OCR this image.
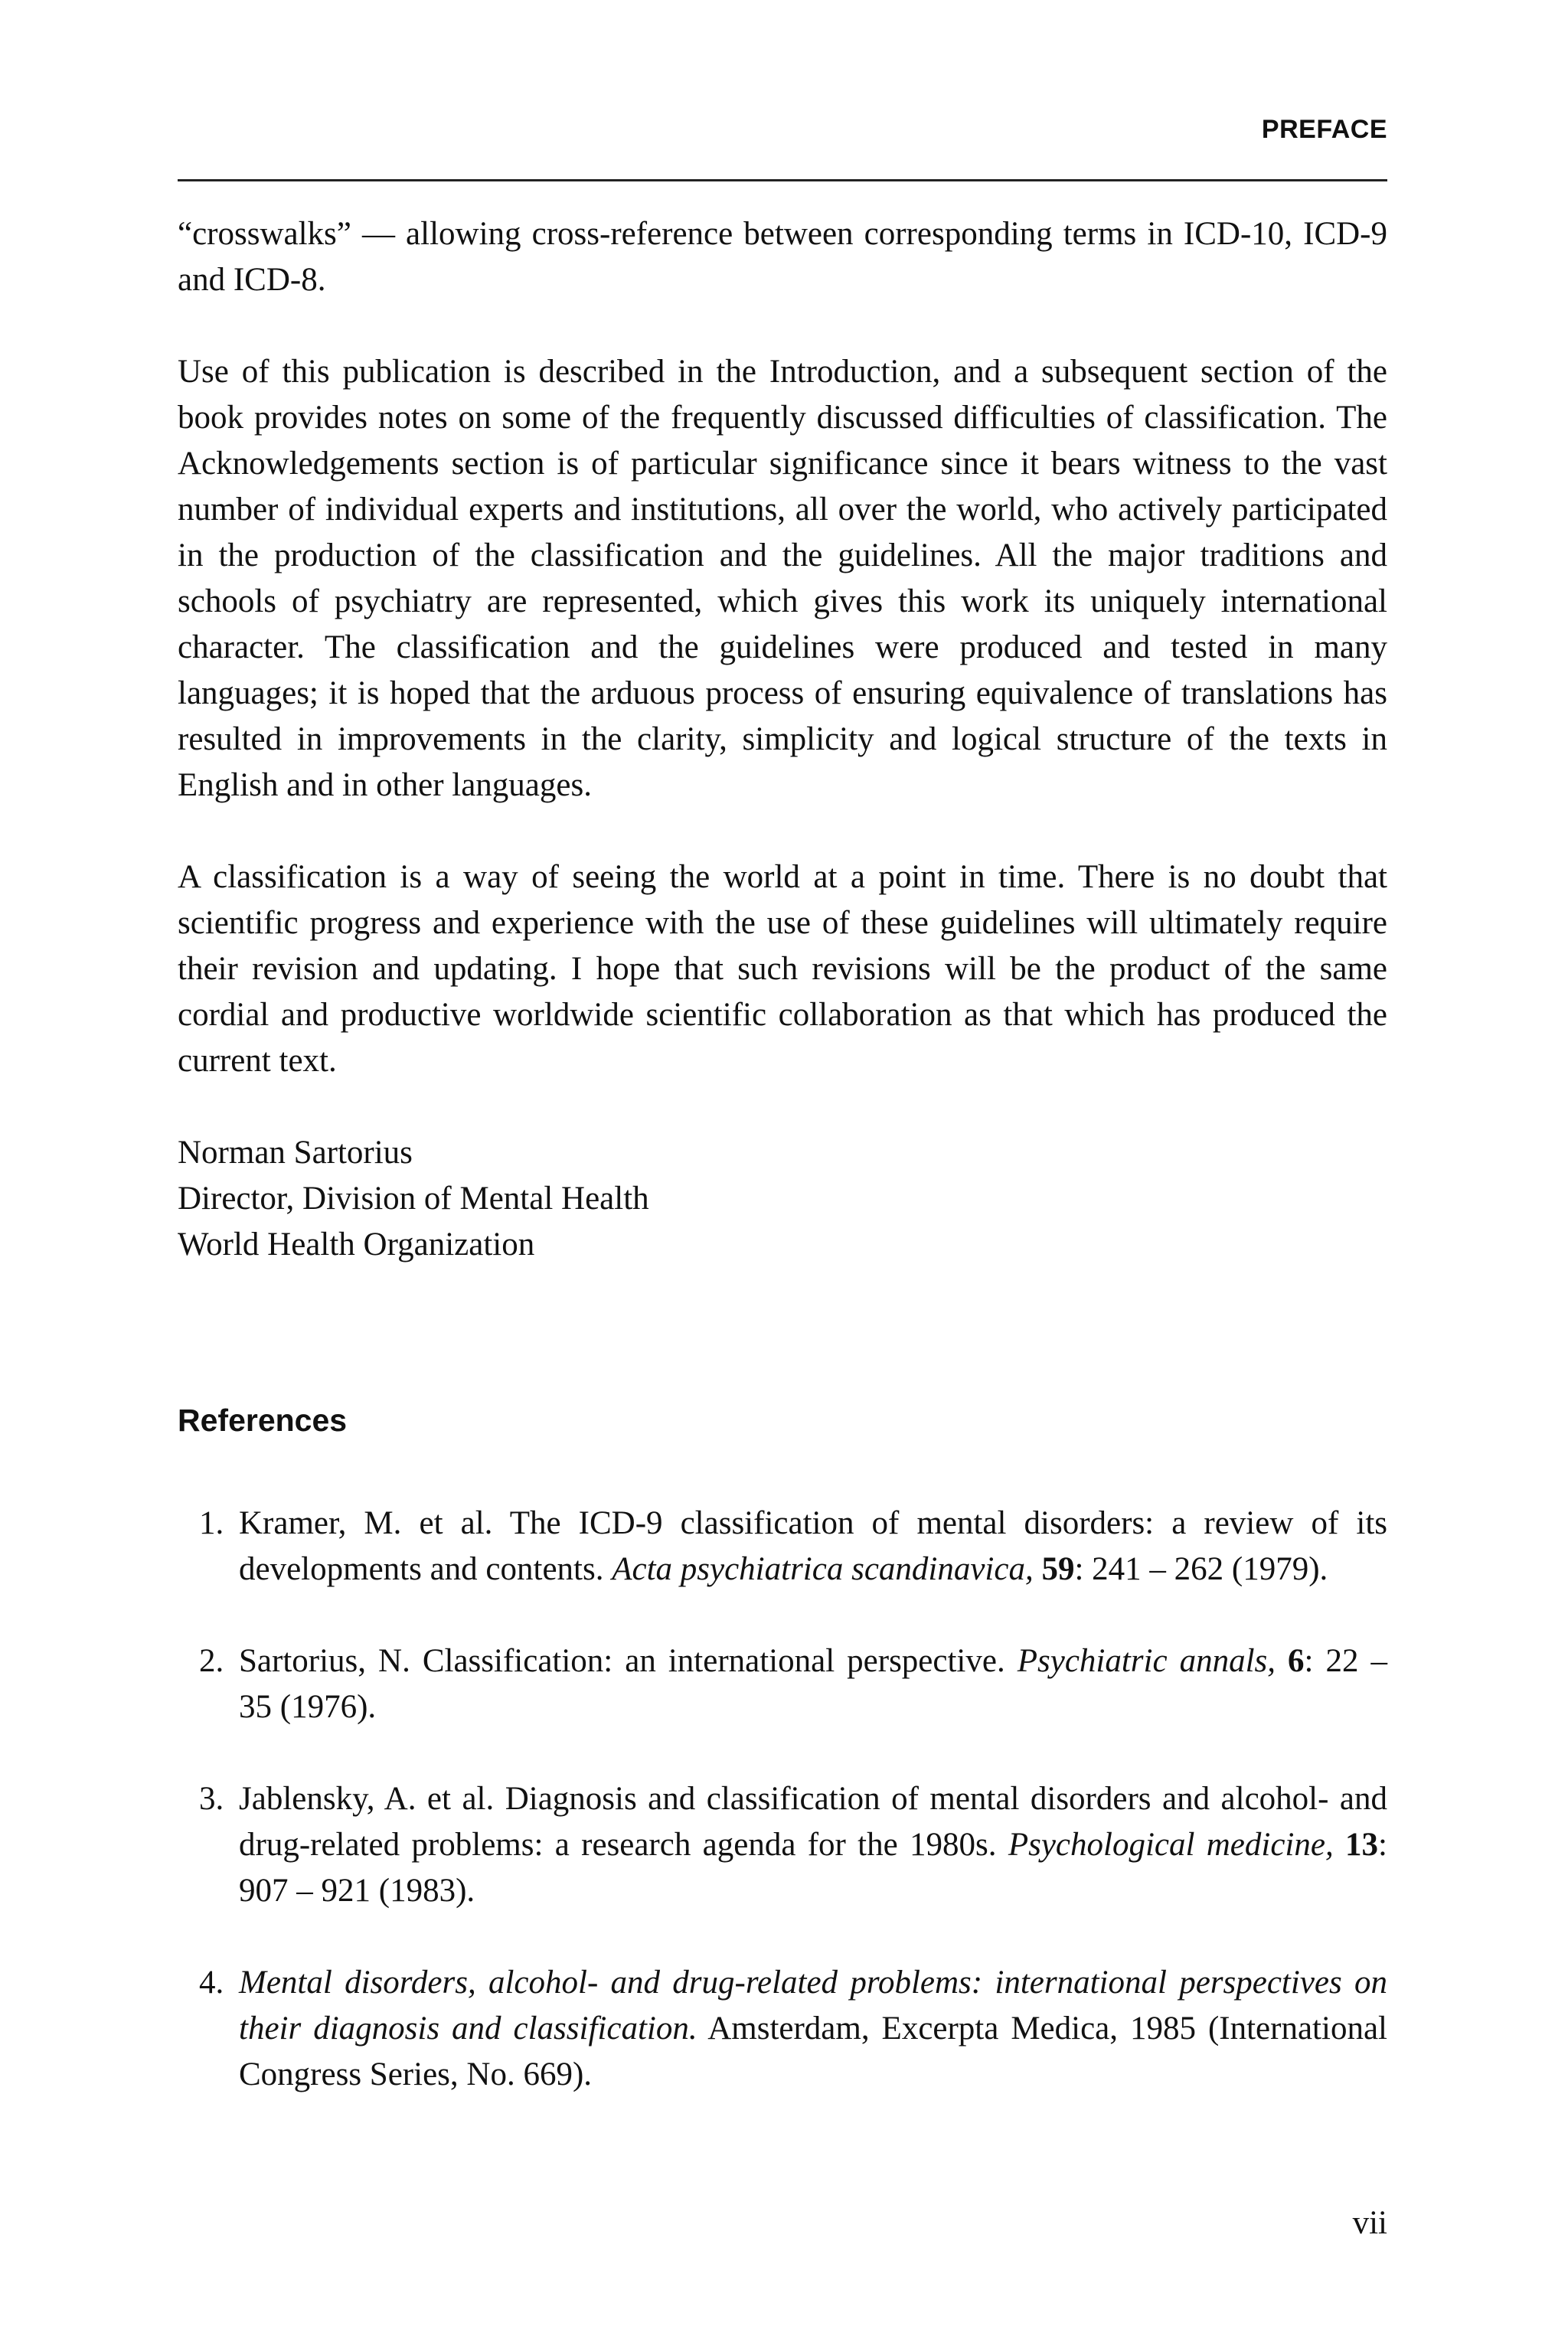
PREFACE

“crosswalks” — allowing cross-reference between corresponding terms in ICD-10, ICD-9 and ICD-8.

Use of this publication is described in the Introduction, and a subsequent section of the book provides notes on some of the frequently discussed difficulties of classification. The Acknowledgements section is of particular significance since it bears witness to the vast number of individual experts and institutions, all over the world, who actively participated in the production of the classification and the guidelines. All the major traditions and schools of psychiatry are represented, which gives this work its uniquely international character. The classification and the guidelines were produced and tested in many languages; it is hoped that the arduous process of ensuring equivalence of translations has resulted in improvements in the clarity, simplicity and logical structure of the texts in English and in other languages.

A classification is a way of seeing the world at a point in time. There is no doubt that scientific progress and experience with the use of these guidelines will ultimately require their revision and updating. I hope that such revisions will be the product of the same cordial and productive worldwide scientific collaboration as that which has produced the current text.

Norman Sartorius
Director, Division of Mental Health
World Health Organization
References
1. Kramer, M. et al. The ICD-9 classification of mental disorders: a review of its developments and contents. Acta psychiatrica scandinavica, 59: 241 – 262 (1979).
2. Sartorius, N. Classification: an international perspective. Psychiatric annals, 6: 22 – 35 (1976).
3. Jablensky, A. et al. Diagnosis and classification of mental disorders and alcohol- and drug-related problems: a research agenda for the 1980s. Psychological medicine, 13: 907 – 921 (1983).
4. Mental disorders, alcohol- and drug-related problems: international perspectives on their diagnosis and classification. Amsterdam, Excerpta Medica, 1985 (International Congress Series, No. 669).
vii
